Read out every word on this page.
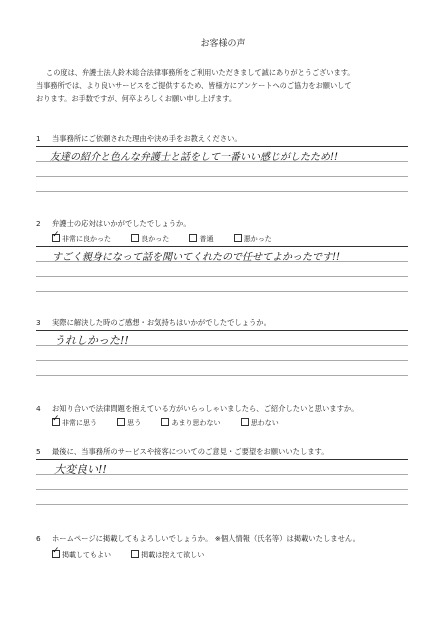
お客様の声

この度は、弁護士法人鈴木総合法律事務所をご利用いただきまして誠にありがとうございます。

当事務所では、より良いサービスをご提供するため、皆様方にアンケートへのご協力をお願いして

おります。お手数ですが、何卒よろしくお願い申し上げます。

1 当事務所にご依頼された理由や決め手をお教えください。
友達の紹介と色んな弁護士と話をして一番いい感じがしたため!!
2 弁護士の応対はいかがでしたでしょうか。
✓非常に良かった	良かった	普通	悪かった
すごく親身になって話を聞いてくれたので任せてよかったです!!
3 実際に解決した時のご感想・お気持ちはいかがでしたでしょうか。
うれしかった!!
4 お知り合いで法律問題を抱えている方がいらっしゃいましたら、ご紹介したいと思いますか。
✓非常に思う	思う	あまり思わない	思わない
5 最後に、当事務所のサービスや接客についてのご意見・ご要望をお願いいたします。
大変良い!!
6 ホームページに掲載してもよろしいでしょうか。 ※個人情報（氏名等）は掲載いたしません。
✓掲載してもよい	掲載は控えて欲しい
